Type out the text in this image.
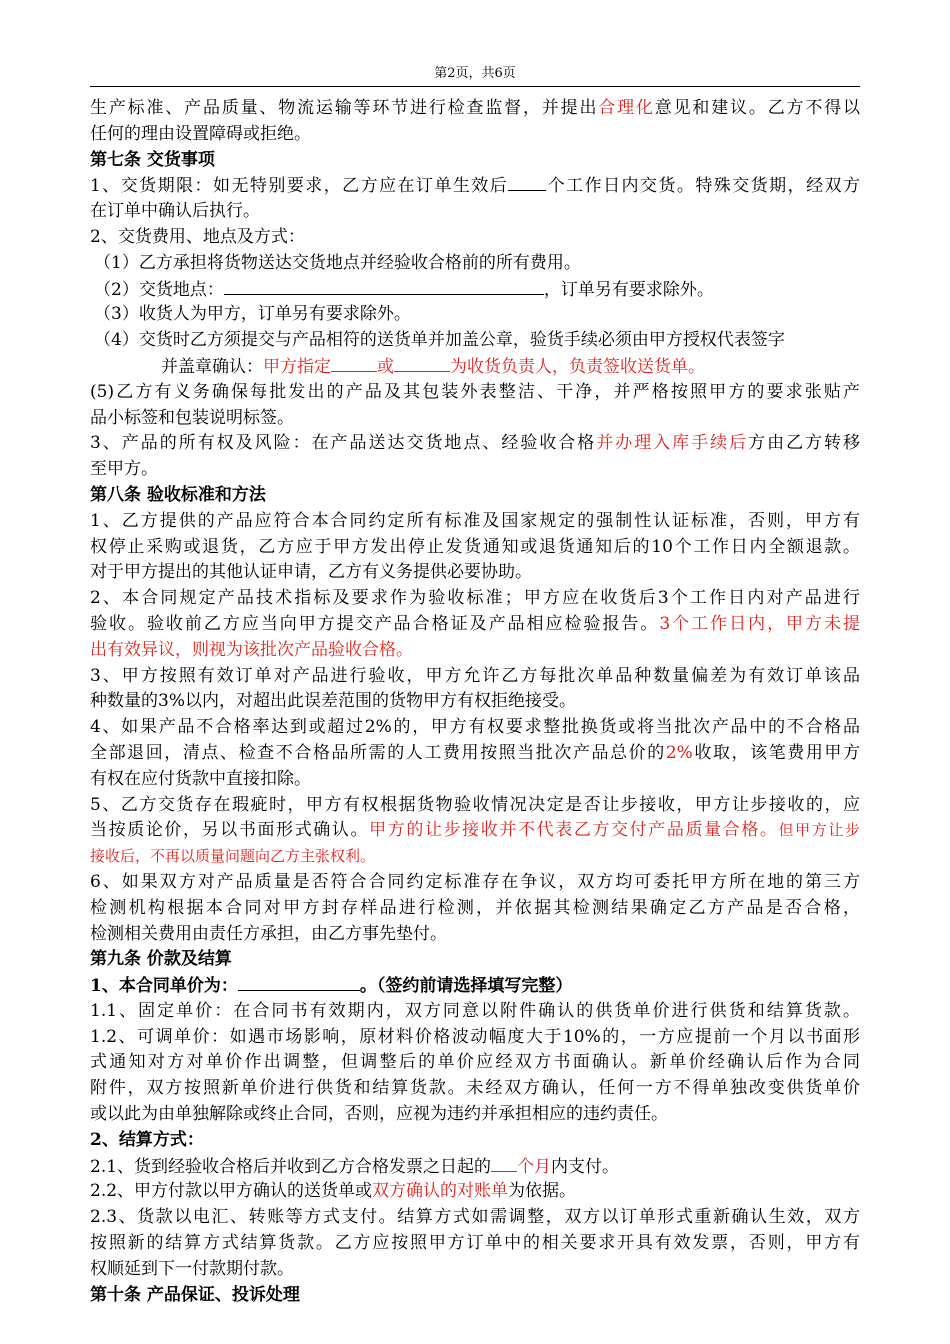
第2页，共6页
生产标准、产品质量、物流运输等环节进行检查监督，并提出合理化意见和建议。乙方不得以
任何的理由设置障碍或拒绝。
第七条 交货事项
1、交货期限：如无特别要求，乙方应在订单生效后 个工作日内交货。特殊交货期，经双方
在订单中确认后执行。
2、交货费用、地点及方式：
（1）乙方承担将货物送达交货地点并经验收合格前的所有费用。
（2）交货地点：	，订单另有要求除外。
（3）收货人为甲方，订单另有要求除外。
（4）交货时乙方须提交与产品相符的送货单并加盖公章，验货手续必须由甲方授权代表签字
并盖章确认：甲方指定	或	为收货负责人，负责签收送货单。
(5)乙方有义务确保每批发出的产品及其包装外表整洁、干净，并严格按照甲方的要求张贴产
品小标签和包装说明标签。
3、产品的所有权及风险：在产品送达交货地点、经验收合格并办理入库手续后方由乙方转移
至甲方。
第八条 验收标准和方法
1、乙方提供的产品应符合本合同约定所有标准及国家规定的强制性认证标准，否则，甲方有
权停止采购或退货，乙方应于甲方发出停止发货通知或退货通知后的10个工作日内全额退款。
对于甲方提出的其他认证申请，乙方有义务提供必要协助。
2、本合同规定产品技术指标及要求作为验收标准；甲方应在收货后3个工作日内对产品进行
验收。验收前乙方应当向甲方提交产品合格证及产品相应检验报告。3个工作日内，甲方未提
出有效异议，则视为该批次产品验收合格。
3、甲方按照有效订单对产品进行验收，甲方允许乙方每批次单品种数量偏差为有效订单该品
种数量的3%以内，对超出此误差范围的货物甲方有权拒绝接受。
4、如果产品不合格率达到或超过2%的，甲方有权要求整批换货或将当批次产品中的不合格品
全部退回，清点、检查不合格品所需的人工费用按照当批次产品总价的2%收取，该笔费用甲方
有权在应付货款中直接扣除。
5、乙方交货存在瑕疵时，甲方有权根据货物验收情况决定是否让步接收，甲方让步接收的，应
当按质论价，另以书面形式确认。甲方的让步接收并不代表乙方交付产品质量合格。但甲方让步
接收后，不再以质量问题向乙方主张权利。
6、如果双方对产品质量是否符合合同约定标准存在争议，双方均可委托甲方所在地的第三方
检测机构根据本合同对甲方封存样品进行检测，并依据其检测结果确定乙方产品是否合格，
检测相关费用由责任方承担，由乙方事先垫付。
第九条 价款及结算
1、本合同单价为：	。（签约前请选择填写完整）
1.1、固定单价：在合同书有效期内，双方同意以附件确认的供货单价进行供货和结算货款。
1.2、可调单价：如遇市场影响，原材料价格波动幅度大于10%的，一方应提前一个月以书面形
式通知对方对单价作出调整，但调整后的单价应经双方书面确认。新单价经确认后作为合同
附件，双方按照新单价进行供货和结算货款。未经双方确认，任何一方不得单独改变供货单价
或以此为由单独解除或终止合同，否则，应视为违约并承担相应的违约责任。
2、结算方式：
2.1、货到经验收合格后并收到乙方合格发票之日起的 个月内支付。
2.2、甲方付款以甲方确认的送货单或双方确认的对账单为依据。
2.3、货款以电汇、转账等方式支付。结算方式如需调整，双方以订单形式重新确认生效，双方
按照新的结算方式结算货款。乙方应按照甲方订单中的相关要求开具有效发票，否则，甲方有
权顺延到下一付款期付款。
第十条 产品保证、投诉处理
